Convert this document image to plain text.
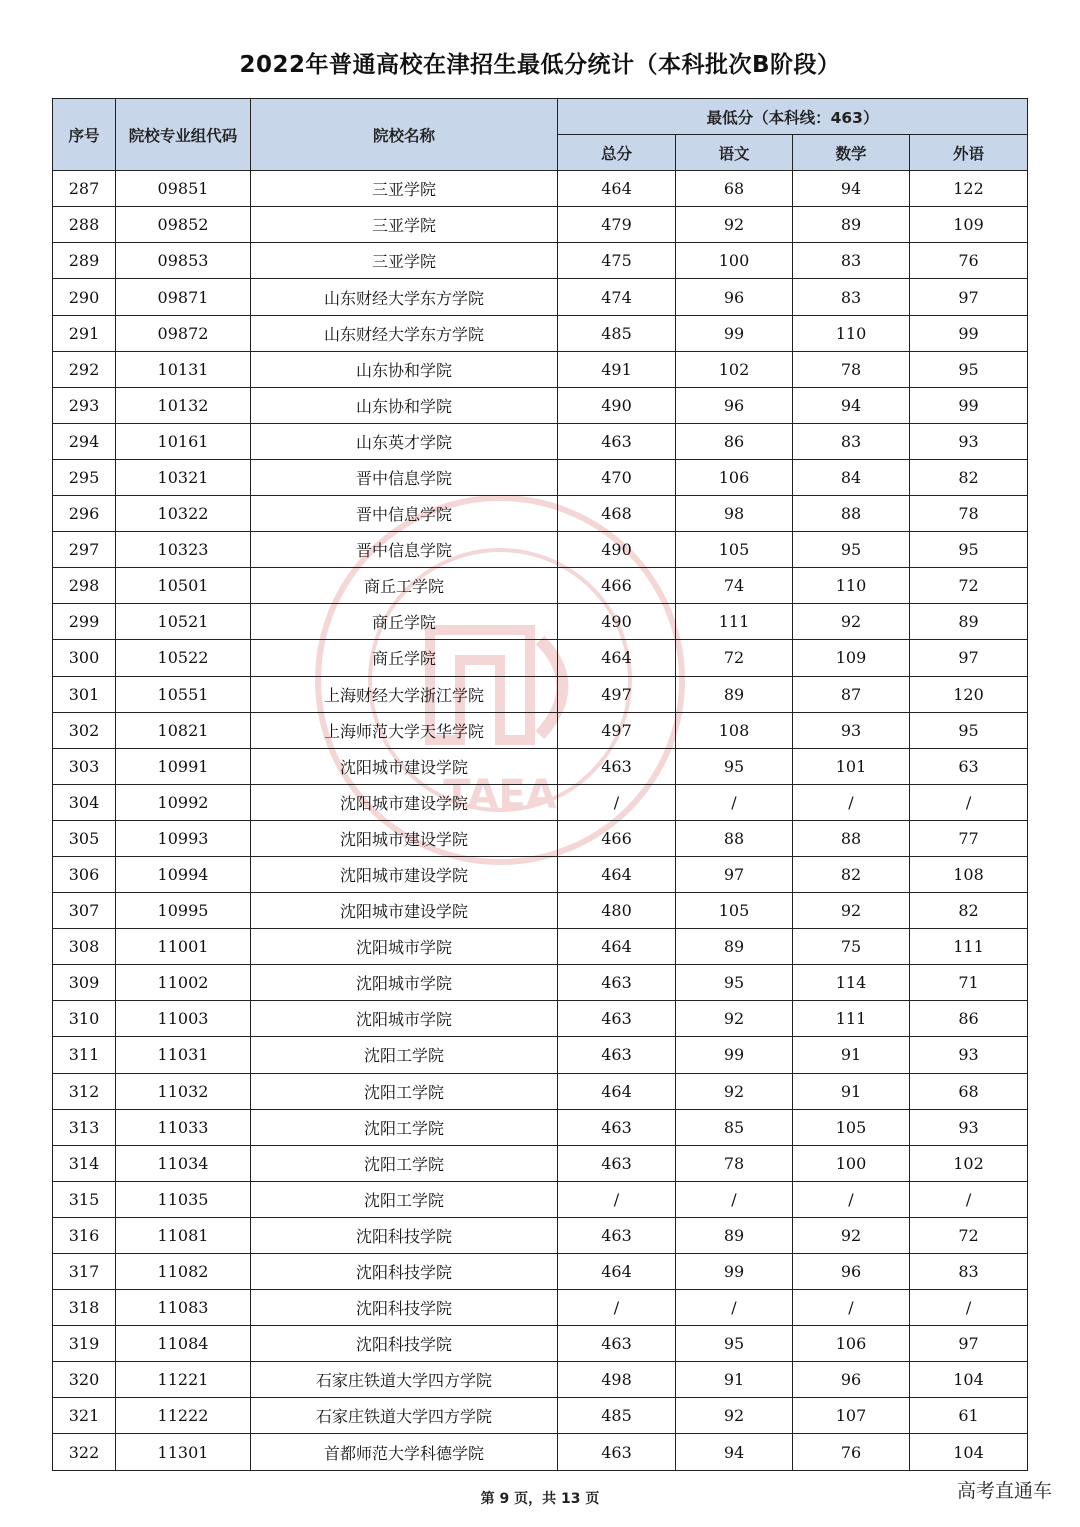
TAEA
2022年普通高校在津招生最低分统计（本科批次B阶段）
序号	院校专业组代码	院校名称	最低分（本科线：463）			
			总分	语文	数学	外语
287	09851	三亚学院	464	68	94	122
288	09852	三亚学院	479	92	89	109
289	09853	三亚学院	475	100	83	76
290	09871	山东财经大学东方学院	474	96	83	97
291	09872	山东财经大学东方学院	485	99	110	99
292	10131	山东协和学院	491	102	78	95
293	10132	山东协和学院	490	96	94	99
294	10161	山东英才学院	463	86	83	93
295	10321	晋中信息学院	470	106	84	82
296	10322	晋中信息学院	468	98	88	78
297	10323	晋中信息学院	490	105	95	95
298	10501	商丘工学院	466	74	110	72
299	10521	商丘学院	490	111	92	89
300	10522	商丘学院	464	72	109	97
301	10551	上海财经大学浙江学院	497	89	87	120
302	10821	上海师范大学天华学院	497	108	93	95
303	10991	沈阳城市建设学院	463	95	101	63
304	10992	沈阳城市建设学院	/	/	/	/
305	10993	沈阳城市建设学院	466	88	88	77
306	10994	沈阳城市建设学院	464	97	82	108
307	10995	沈阳城市建设学院	480	105	92	82
308	11001	沈阳城市学院	464	89	75	111
309	11002	沈阳城市学院	463	95	114	71
310	11003	沈阳城市学院	463	92	111	86
311	11031	沈阳工学院	463	99	91	93
312	11032	沈阳工学院	464	92	91	68
313	11033	沈阳工学院	463	85	105	93
314	11034	沈阳工学院	463	78	100	102
315	11035	沈阳工学院	/	/	/	/
316	11081	沈阳科技学院	463	89	92	72
317	11082	沈阳科技学院	464	99	96	83
318	11083	沈阳科技学院	/	/	/	/
319	11084	沈阳科技学院	463	95	106	97
320	11221	石家庄铁道大学四方学院	498	91	96	104
321	11222	石家庄铁道大学四方学院	485	92	107	61
322	11301	首都师范大学科德学院	463	94	76	104
第 9 页，共 13 页	高考直通车
